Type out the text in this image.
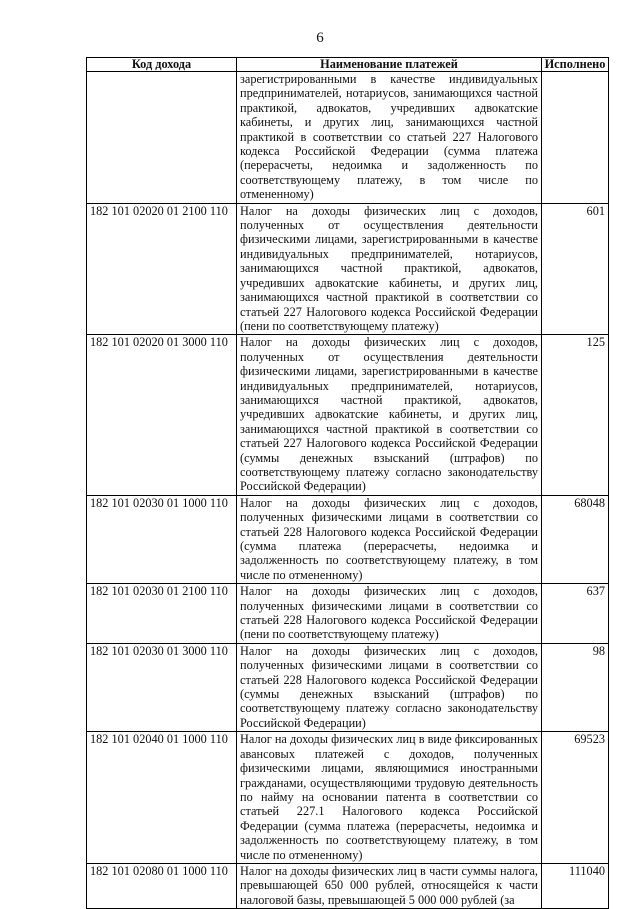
6
Код дохода	Наименование платежей	Исполнено
	зарегистрированными в качестве индивидуальных предпринимателей, нотариусов, занимающихся частной практикой, адвокатов, учредивших адвокатские кабинеты, и других лиц, занимающихся частной практикой в соответствии со статьей 227 Налогового кодекса Российской Федерации (сумма платежа (перерасчеты, недоимка и задолженность по соответствующему платежу, в том числе по отмененному)	
182 101 02020 01 2100 110	Налог на доходы физических лиц с доходов, полученных от осуществления деятельности физическими лицами, зарегистрированными в качестве индивидуальных предпринимателей, нотариусов, занимающихся частной практикой, адвокатов, учредивших адвокатские кабинеты, и других лиц, занимающихся частной практикой в соответствии со статьей 227 Налогового кодекса Российской Федерации (пени по соответствующему платежу)	601
182 101 02020 01 3000 110	Налог на доходы физических лиц с доходов, полученных от осуществления деятельности физическими лицами, зарегистрированными в качестве индивидуальных предпринимателей, нотариусов, занимающихся частной практикой, адвокатов, учредивших адвокатские кабинеты, и других лиц, занимающихся частной практикой в соответствии со статьей 227 Налогового кодекса Российской Федерации (суммы денежных взысканий (штрафов) по соответствующему платежу согласно законодательству Российской Федерации)	125
182 101 02030 01 1000 110	Налог на доходы физических лиц с доходов, полученных физическими лицами в соответствии со статьей 228 Налогового кодекса Российской Федерации (сумма платежа (перерасчеты, недоимка и задолженность по соответствующему платежу, в том числе по отмененному)	68048
182 101 02030 01 2100 110	Налог на доходы физических лиц с доходов, полученных физическими лицами в соответствии со статьей 228 Налогового кодекса Российской Федерации (пени по соответствующему платежу)	637
182 101 02030 01 3000 110	Налог на доходы физических лиц с доходов, полученных физическими лицами в соответствии со статьей 228 Налогового кодекса Российской Федерации (суммы денежных взысканий (штрафов) по соответствующему платежу согласно законодательству Российской Федерации)	98
182 101 02040 01 1000 110	Налог на доходы физических лиц в виде фиксированных авансовых платежей с доходов, полученных физическими лицами, являющимися иностранными гражданами, осуществляющими трудовую деятельность по найму на основании патента в соответствии со статьей 227.1 Налогового кодекса Российской Федерации (сумма платежа (перерасчеты, недоимка и задолженность по соответствующему платежу, в том числе по отмененному)	69523
182 101 02080 01 1000 110	Налог на доходы физических лиц в части суммы налога, превышающей 650 000 рублей, относящейся к части налоговой базы, превышающей 5 000 000 рублей (за	111040
